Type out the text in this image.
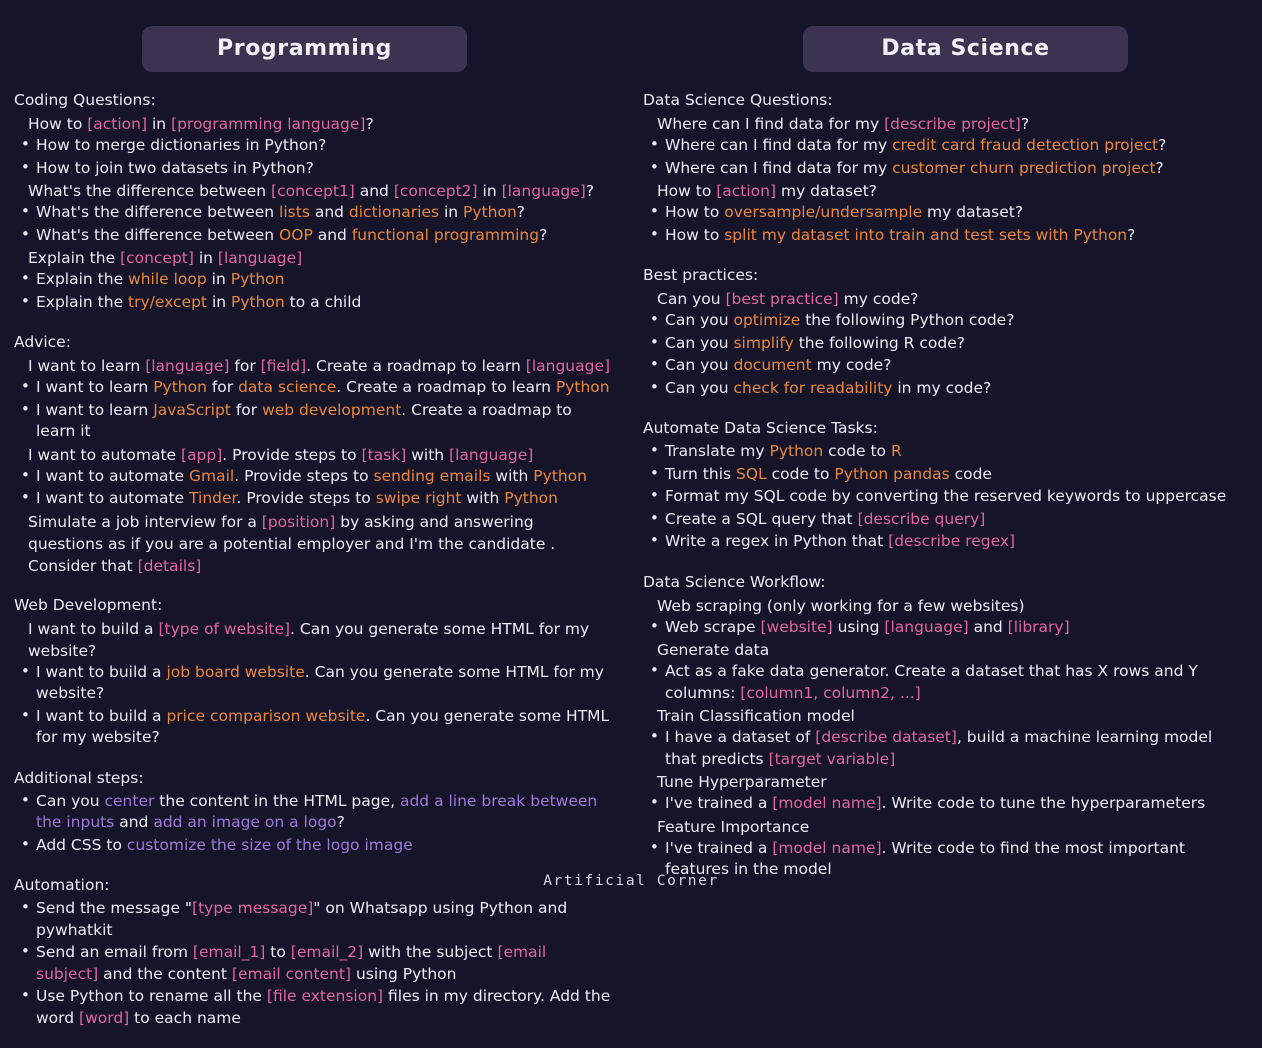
Programming
Coding Questions:
How to [action] in [programming language]?
• How to merge dictionaries in Python?
• How to join two datasets in Python?
What's the difference between [concept1] and [concept2] in [language]?
• What's the difference between lists and dictionaries in Python?
• What's the difference between OOP and functional programming?
Explain the [concept] in [language]
• Explain the while loop in Python
• Explain the try/except in Python to a child
Advice:
I want to learn [language] for [field]. Create a roadmap to learn [language]
• I want to learn Python for data science. Create a roadmap to learn Python
• I want to learn JavaScript for web development. Create a roadmap to learn it
I want to automate [app]. Provide steps to [task] with [language]
• I want to automate Gmail. Provide steps to sending emails with Python
• I want to automate Tinder. Provide steps to swipe right with Python
Simulate a job interview for a [position] by asking and answering questions as if you are a potential employer and I'm the candidate . Consider that [details]
Web Development:
I want to build a [type of website]. Can you generate some HTML for my website?
• I want to build a job board website. Can you generate some HTML for my website?
• I want to build a price comparison website. Can you generate some HTML for my website?
Additional steps:
• Can you center the content in the HTML page, add a line break between the inputs and add an image on a logo?
• Add CSS to customize the size of the logo image
Automation:
• Send the message "[type message]" on Whatsapp using Python and pywhatkit
• Send an email from [email_1] to [email_2] with the subject [email subject] and the content [email content] using Python
• Use Python to rename all the [file extension] files in my directory. Add the word [word] to each name
Data Science
Data Science Questions:
Where can I find data for my [describe project]?
• Where can I find data for my credit card fraud detection project?
• Where can I find data for my customer churn prediction project?
How to [action] my dataset?
• How to oversample/undersample my dataset?
• How to split my dataset into train and test sets with Python?
Best practices:
Can you [best practice] my code?
• Can you optimize the following Python code?
• Can you simplify the following R code?
• Can you document my code?
• Can you check for readability in my code?
Automate Data Science Tasks:
• Translate my Python code to R
• Turn this SQL code to Python pandas code
• Format my SQL code by converting the reserved keywords to uppercase
• Create a SQL query that [describe query]
• Write a regex in Python that [describe regex]
Data Science Workflow:
Web scraping (only working for a few websites)
• Web scrape [website] using [language] and [library]
Generate data
• Act as a fake data generator. Create a dataset that has X rows and Y columns: [column1, column2, ...]
Train Classification model
• I have a dataset of [describe dataset], build a machine learning model that predicts [target variable]
Tune Hyperparameter
• I've trained a [model name]. Write code to tune the hyperparameters
Feature Importance
• I've trained a [model name]. Write code to find the most important features in the model
Artificial Corner
